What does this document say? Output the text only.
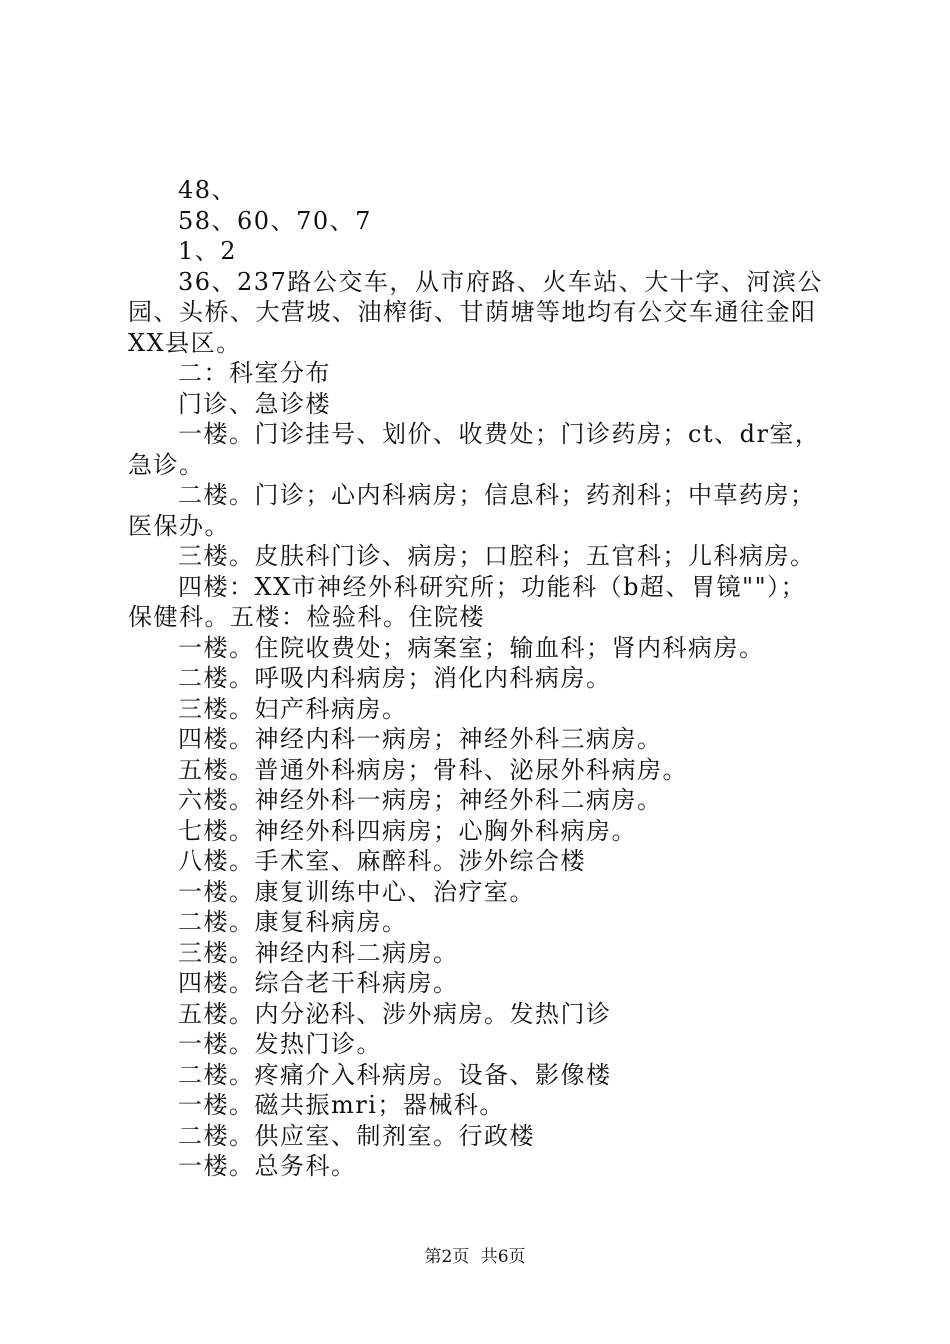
48、

58、60、70、7

1、2

36、237路公交车，从市府路、火车站、大十字、河滨公园、头桥、大营坡、油榨街、甘荫塘等地均有公交车通往金阳XX县区。

二：科室分布

门诊、急诊楼

一楼。门诊挂号、划价、收费处；门诊药房；ct、dr室，急诊。

二楼。门诊；心内科病房；信息科；药剂科；中草药房；医保办。

三楼。皮肤科门诊、病房；口腔科；五官科；儿科病房。

四楼：XX市神经外科研究所；功能科（b超、胃镜""）；保健科。五楼：检验科。住院楼

一楼。住院收费处；病案室；输血科；肾内科病房。

二楼。呼吸内科病房；消化内科病房。

三楼。妇产科病房。

四楼。神经内科一病房；神经外科三病房。

五楼。普通外科病房；骨科、泌尿外科病房。

六楼。神经外科一病房；神经外科二病房。

七楼。神经外科四病房；心胸外科病房。

八楼。手术室、麻醉科。涉外综合楼

一楼。康复训练中心、治疗室。

二楼。康复科病房。

三楼。神经内科二病房。

四楼。综合老干科病房。

五楼。内分泌科、涉外病房。发热门诊

一楼。发热门诊。

二楼。疼痛介入科病房。设备、影像楼

一楼。磁共振mri；器械科。

二楼。供应室、制剂室。行政楼

一楼。总务科。

第2页 共6页
